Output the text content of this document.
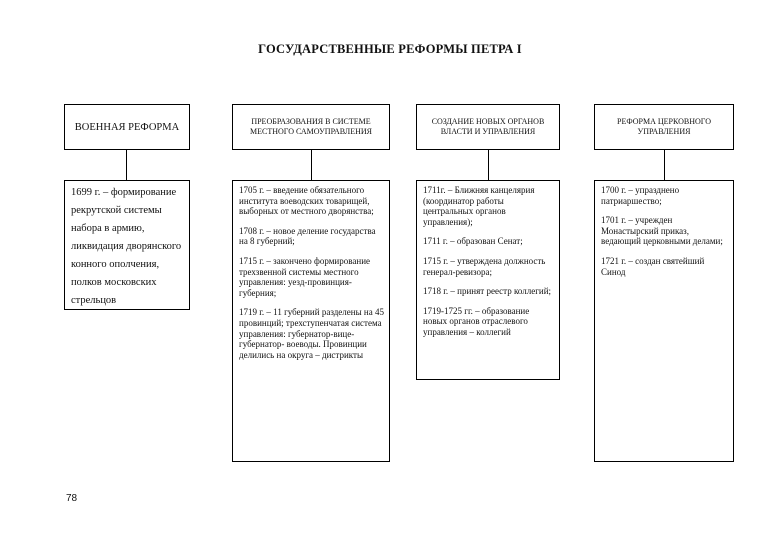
ГОСУДАРСТВЕННЫЕ РЕФОРМЫ ПЕТРА I
ВОЕННАЯ РЕФОРМА
1699 г. – формирование рекрутской системы набора в армию, ликвидация дворянского конного ополчения, полков московских стрельцов
ПРЕОБРАЗОВАНИЯ В СИСТЕМЕ МЕСТНОГО САМОУПРАВЛЕНИЯ
1705 г. – введение обязательного института воеводских товарищей, выборных от местного дворянства;
1708 г. – новое деление государства на 8 губерний;
1715 г. – закончено формирование трехзвенной системы местного управления: уезд-провинция-губерния;
1719 г. – 11 губерний разделены на 45 провинций; трехступенчатая система управления: губернатор-вице-губернатор- воеводы. Провинции делились на округа – дистрикты
СОЗДАНИЕ НОВЫХ ОРГАНОВ ВЛАСТИ И УПРАВЛЕНИЯ
1711г. – Ближняя канцелярия (координатор работы центральных органов управления);
1711 г. – образован Сенат;
1715 г. – утверждена должность генерал-ревизора;
1718 г. – принят реестр коллегий;
1719-1725 гг. – образование новых органов отраслевого управления – коллегий
РЕФОРМА ЦЕРКОВНОГО УПРАВЛЕНИЯ
1700 г. – упразднено патриаршество;
1701 г. – учрежден Монастырский приказ, ведающий церковными делами;
1721 г. – создан святейший Синод
78
